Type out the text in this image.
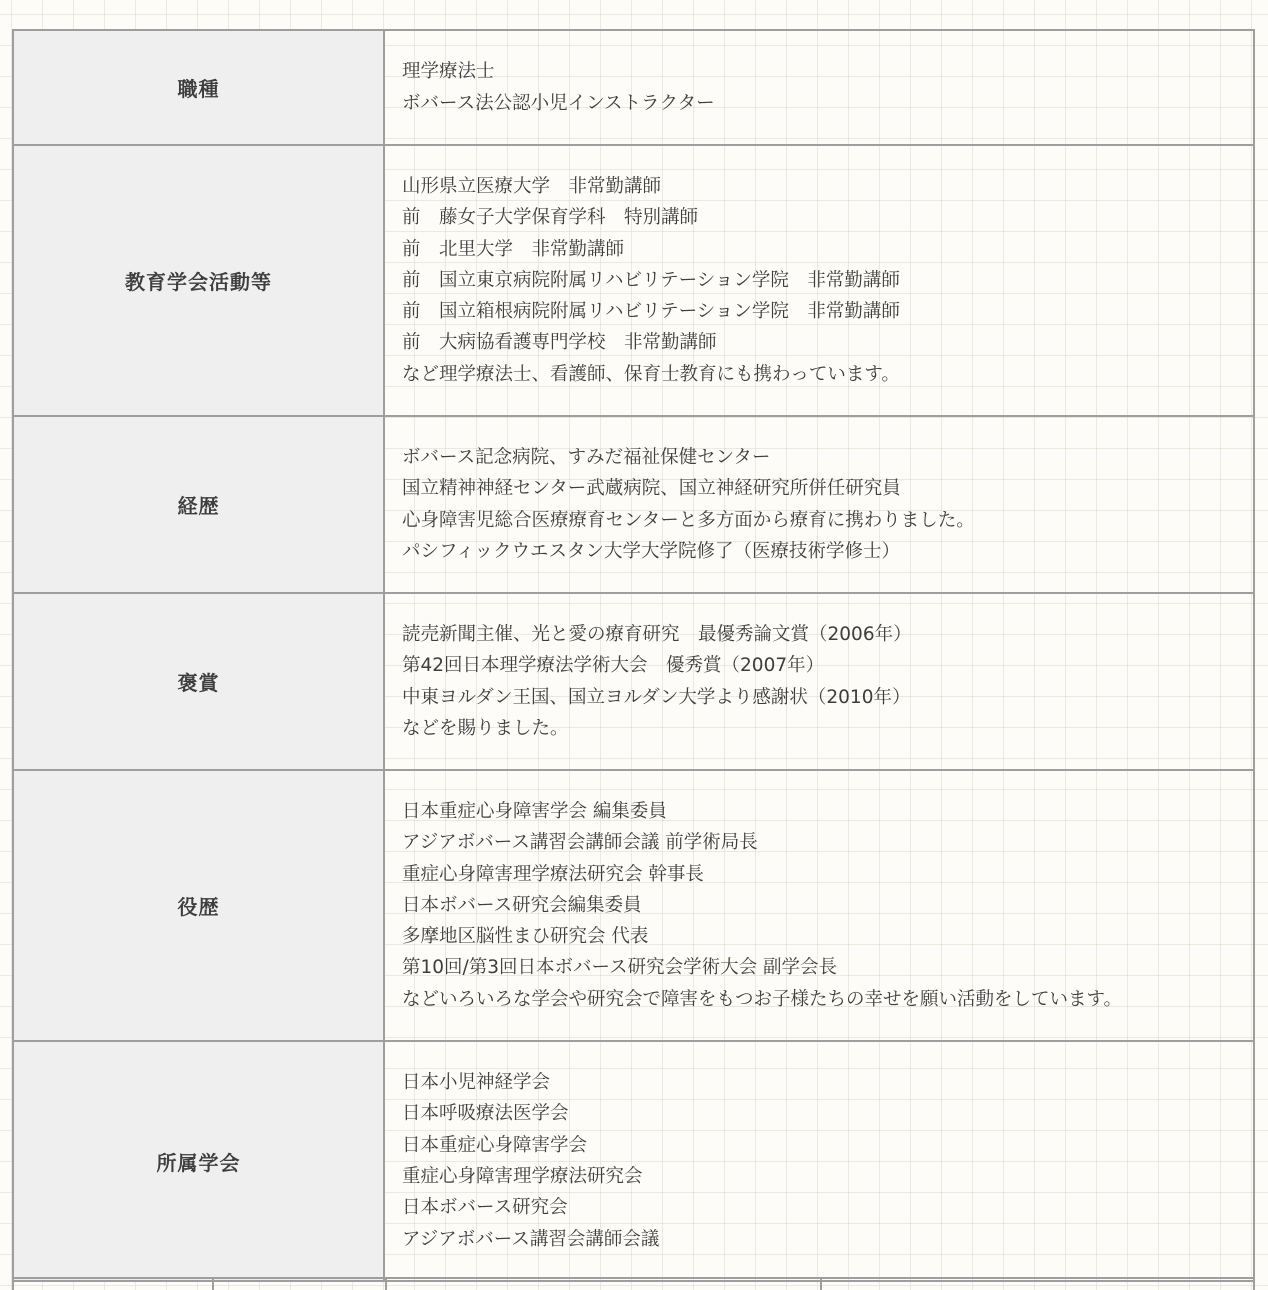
職種
理学療法士
ボバース法公認小児インストラクター
教育学会活動等
山形県立医療大学　非常勤講師
前　藤女子大学保育学科　特別講師
前　北里大学　非常勤講師
前　国立東京病院附属リハビリテーション学院　非常勤講師
前　国立箱根病院附属リハビリテーション学院　非常勤講師
前　大病協看護専門学校　非常勤講師
など理学療法士、看護師、保育士教育にも携わっています。
経歴
ボバース記念病院、すみだ福祉保健センター
国立精神神経センター武蔵病院、国立神経研究所併任研究員
心身障害児総合医療療育センターと多方面から療育に携わりました。
パシフィックウエスタン大学大学院修了（医療技術学修士）
褒賞
読売新聞主催、光と愛の療育研究　最優秀論文賞（2006年）
第42回日本理学療法学術大会　優秀賞（2007年）
中東ヨルダン王国、国立ヨルダン大学より感謝状（2010年）
などを賜りました。
役歴
日本重症心身障害学会 編集委員
アジアボバース講習会講師会議 前学術局長
重症心身障害理学療法研究会 幹事長
日本ボバース研究会編集委員
多摩地区脳性まひ研究会 代表
第10回/第3回日本ボバース研究会学術大会 副学会長
などいろいろな学会や研究会で障害をもつお子様たちの幸せを願い活動をしています。
所属学会
日本小児神経学会
日本呼吸療法医学会
日本重症心身障害学会
重症心身障害理学療法研究会
日本ボバース研究会
アジアボバース講習会講師会議
